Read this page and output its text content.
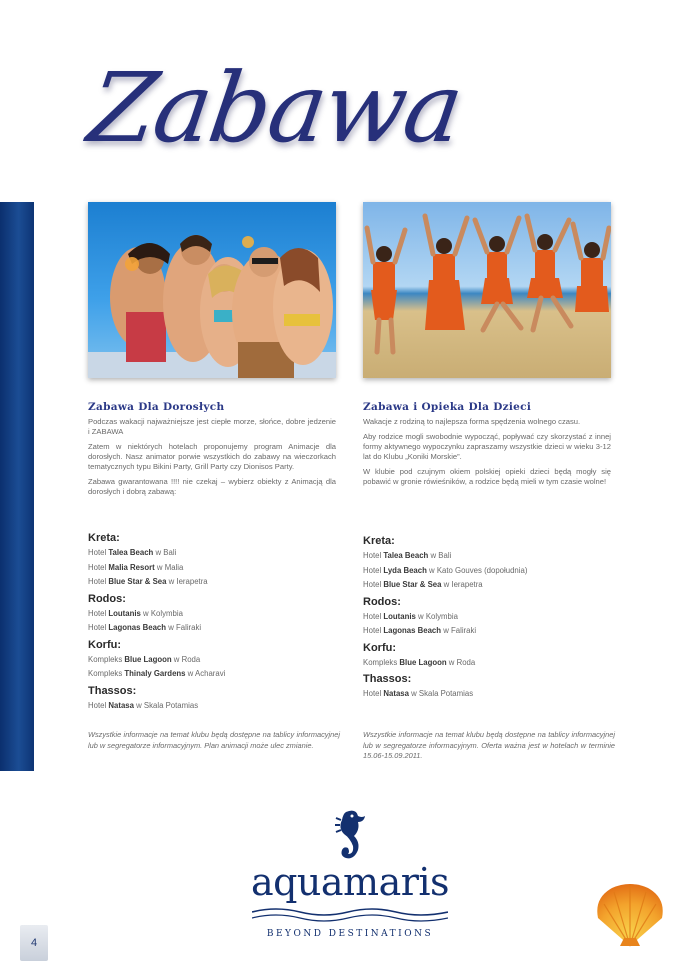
Zabawa
Zabawa Dla Dorosłych

Podczas wakacji najważniejsze jest ciepłe morze, słońce, dobre jedzenie i ZABAWA

Zatem w niektórych hotelach proponujemy program Animacje dla dorosłych. Nasz animator porwie wszystkich do zabawy na wieczorkach tematycznych typu Bikini Party, Grill Party czy Dionisos Party.

Zabawa gwarantowana !!!! nie czekaj – wybierz obiekty z Animacją dla dorosłych i dobrą zabawą:

Zabawa i Opieka Dla Dzieci

Wakacje z rodziną to najlepsza forma spędzenia wolnego czasu.

Aby rodzice mogli swobodnie wypocząć, popływać czy skorzystać z innej formy aktywnego wypoczynku zapraszamy wszystkie dzieci w wieku 3-12 lat do Klubu „Koniki Morskie”.

W klubie pod czujnym okiem polskiej opieki dzieci będą mogły się pobawić w gronie rówieśników, a rodzice będą mieli w tym czasie wolne!

Kreta:
Hotel Talea Beach w Bali
Hotel Malia Resort w Malia
Hotel Blue Star & Sea w Ierapetra
Rodos:
Hotel Loutanis w Kolymbia
Hotel Lagonas Beach w Faliraki
Korfu:
Kompleks Blue Lagoon w Roda
Kompleks Thinaly Gardens w Acharavi
Thassos:
Hotel Natasa w Skala Potamias
Kreta:
Hotel Talea Beach w Bali
Hotel Lyda Beach w Kato Gouves (dopołudnia)
Hotel Blue Star & Sea w Ierapetra
Rodos:
Hotel Loutanis w Kolymbia
Hotel Lagonas Beach w Faliraki
Korfu:
Kompleks Blue Lagoon w Roda
Thassos:
Hotel Natasa w Skala Potamias

Wszystkie informacje na temat klubu będą dostępne na tablicy informacyjnej lub w segregatorze informacyjnym. Plan animacji może ulec zmianie.

Wszystkie informacje na temat klubu będą dostępne na tablicy informacyjnej lub w segregatorze informacyjnym. Oferta ważna jest w hotelach w terminie 15.06-15.09.2011.

aquamaris
BEYOND DESTINATIONS
4
